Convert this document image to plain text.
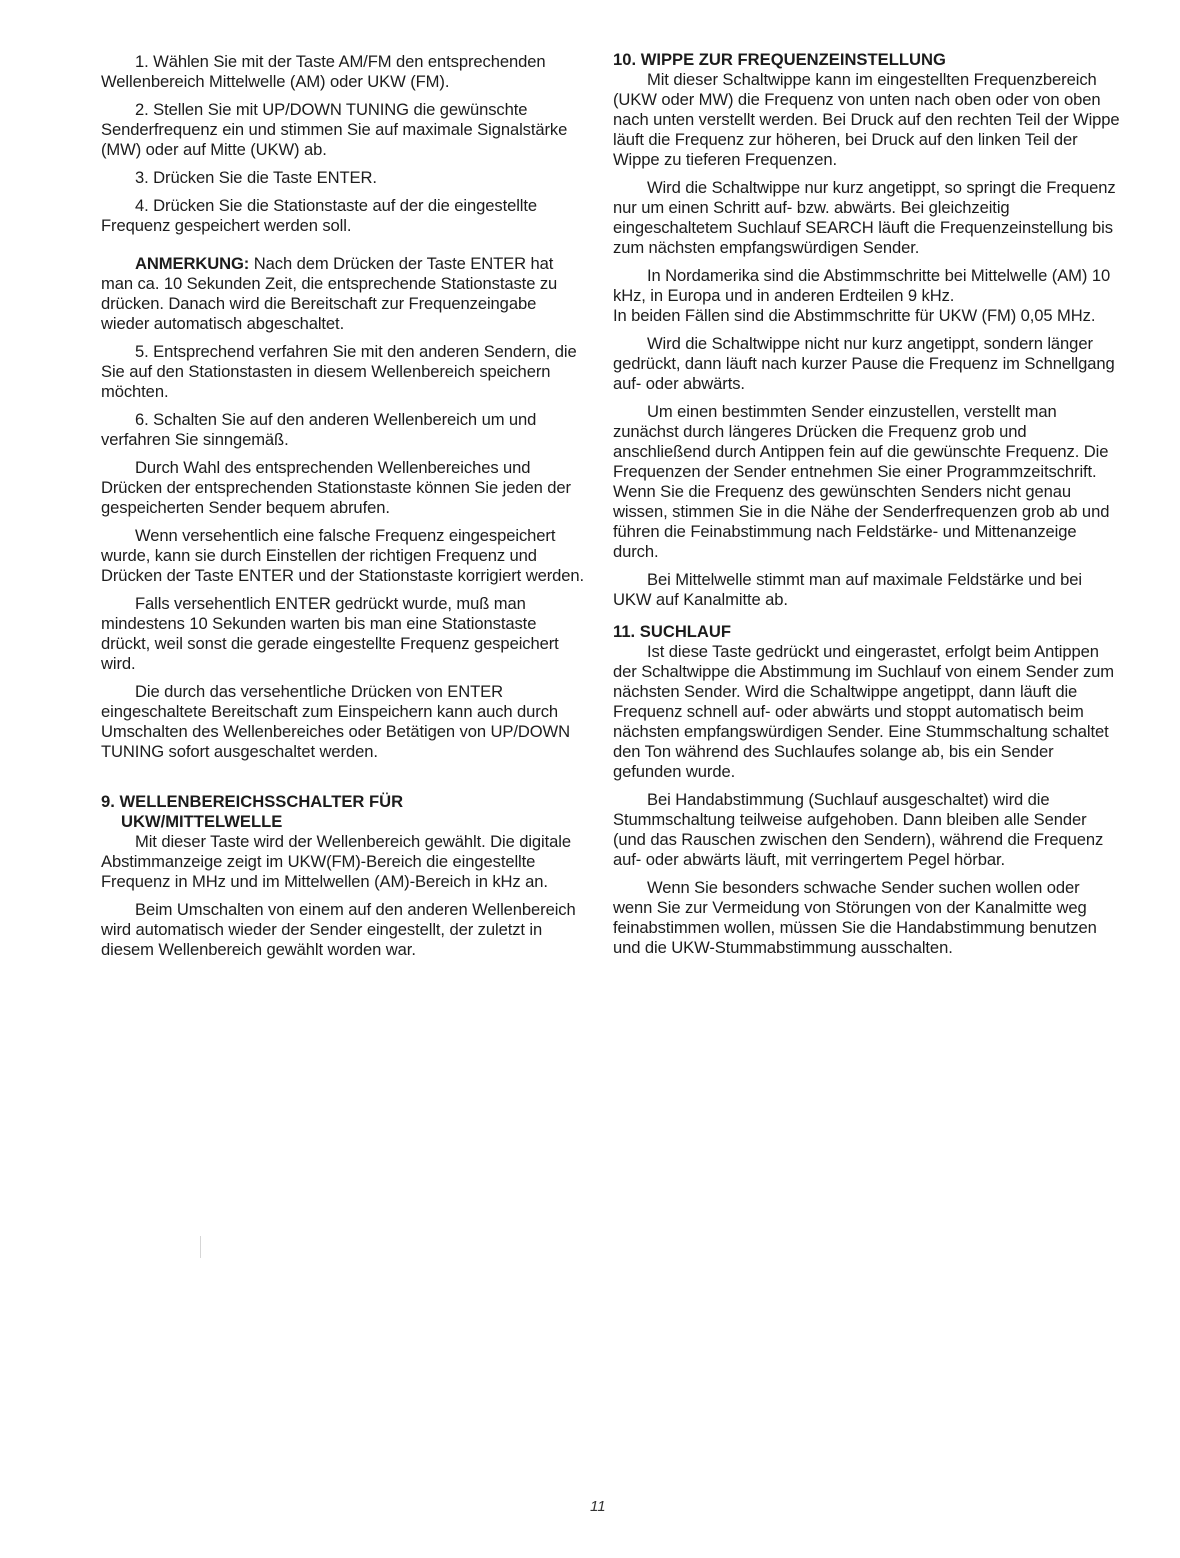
1. Wählen Sie mit der Taste AM/FM den entsprechenden Wellenbereich Mittelwelle (AM) oder UKW (FM).

2. Stellen Sie mit UP/DOWN TUNING die gewünschte Senderfrequenz ein und stimmen Sie auf maximale Signalstärke (MW) oder auf Mitte (UKW) ab.

3. Drücken Sie die Taste ENTER.

4. Drücken Sie die Stationstaste auf der die eingestellte Frequenz gespeichert werden soll.

ANMERKUNG: Nach dem Drücken der Taste ENTER hat man ca. 10 Sekunden Zeit, die entsprechende Stationstaste zu drücken. Danach wird die Bereitschaft zur Frequenzeingabe wieder automatisch abgeschaltet.

5. Entsprechend verfahren Sie mit den anderen Sendern, die Sie auf den Stationstasten in diesem Wellenbereich speichern möchten.

6. Schalten Sie auf den anderen Wellenbereich um und verfahren Sie sinngemäß.

Durch Wahl des entsprechenden Wellenbereiches und Drücken der entsprechenden Stationstaste können Sie jeden der gespeicherten Sender bequem abrufen.

Wenn versehentlich eine falsche Frequenz eingespeichert wurde, kann sie durch Einstellen der richtigen Frequenz und Drücken der Taste ENTER und der Stationstaste korrigiert werden.

Falls versehentlich ENTER gedrückt wurde, muß man mindestens 10 Sekunden warten bis man eine Stationstaste drückt, weil sonst die gerade eingestellte Frequenz gespeichert wird.

Die durch das versehentliche Drücken von ENTER eingeschaltete Bereitschaft zum Einspeichern kann auch durch Umschalten des Wellenbereiches oder Betätigen von UP/DOWN TUNING sofort ausgeschaltet werden.

9. WELLENBEREICHSSCHALTER FÜR
UKW/MITTELWELLE

Mit dieser Taste wird der Wellenbereich gewählt. Die digitale Abstimmanzeige zeigt im UKW(FM)-Bereich die eingestellte Frequenz in MHz und im Mittelwellen (AM)-Bereich in kHz an.

Beim Umschalten von einem auf den anderen Wellenbereich wird automatisch wieder der Sender eingestellt, der zuletzt in diesem Wellenbereich gewählt worden war.

10. WIPPE ZUR FREQUENZEINSTELLUNG

Mit dieser Schaltwippe kann im eingestellten Frequenzbereich (UKW oder MW) die Frequenz von unten nach oben oder von oben nach unten verstellt werden. Bei Druck auf den rechten Teil der Wippe läuft die Frequenz zur höheren, bei Druck auf den linken Teil der Wippe zu tieferen Frequenzen.

Wird die Schaltwippe nur kurz angetippt, so springt die Frequenz nur um einen Schritt auf- bzw. abwärts. Bei gleichzeitig eingeschaltetem Suchlauf SEARCH läuft die Frequenzeinstellung bis zum nächsten empfangswürdigen Sender.

In Nordamerika sind die Abstimmschritte bei Mittelwelle (AM) 10 kHz, in Europa und in anderen Erdteilen 9 kHz.

In beiden Fällen sind die Abstimmschritte für UKW (FM) 0,05 MHz.

Wird die Schaltwippe nicht nur kurz angetippt, sondern länger gedrückt, dann läuft nach kurzer Pause die Frequenz im Schnellgang auf- oder abwärts.

Um einen bestimmten Sender einzustellen, verstellt man zunächst durch längeres Drücken die Frequenz grob und anschließend durch Antippen fein auf die gewünschte Frequenz. Die Frequenzen der Sender entnehmen Sie einer Programmzeitschrift. Wenn Sie die Frequenz des gewünschten Senders nicht genau wissen, stimmen Sie in die Nähe der Senderfrequenzen grob ab und führen die Feinabstimmung nach Feldstärke- und Mittenanzeige durch.

Bei Mittelwelle stimmt man auf maximale Feldstärke und bei UKW auf Kanalmitte ab.

11. SUCHLAUF

Ist diese Taste gedrückt und eingerastet, erfolgt beim Antippen der Schaltwippe die Abstimmung im Suchlauf von einem Sender zum nächsten Sender. Wird die Schaltwippe angetippt, dann läuft die Frequenz schnell auf- oder abwärts und stoppt automatisch beim nächsten empfangswürdigen Sender. Eine Stummschaltung schaltet den Ton während des Suchlaufes solange ab, bis ein Sender gefunden wurde.

Bei Handabstimmung (Suchlauf ausgeschaltet) wird die Stummschaltung teilweise aufgehoben. Dann bleiben alle Sender (und das Rauschen zwischen den Sendern), während die Frequenz auf- oder abwärts läuft, mit verringertem Pegel hörbar.

Wenn Sie besonders schwache Sender suchen wollen oder wenn Sie zur Vermeidung von Störungen von der Kanalmitte weg feinabstimmen wollen, müssen Sie die Handabstimmung benutzen und die UKW-Stummabstimmung ausschalten.

11
